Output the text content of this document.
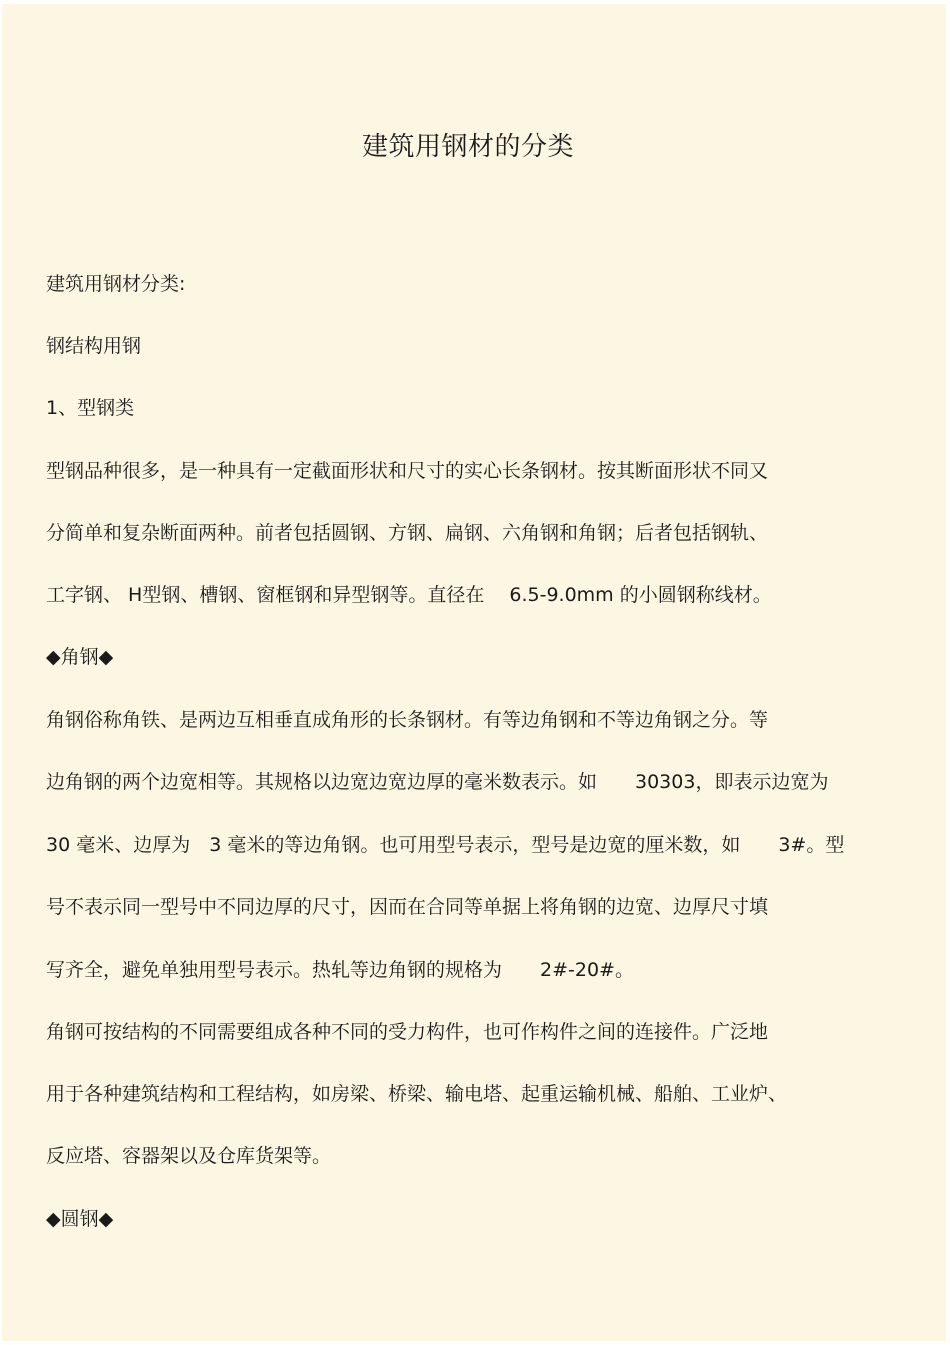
建筑用钢材的分类
建筑用钢材分类:
钢结构用钢
1、型钢类
型钢品种很多，是一种具有一定截面形状和尺寸的实心长条钢材。按其断面形状不同又
分简单和复杂断面两种。前者包括圆钢、方钢、扁钢、六角钢和角钢；后者包括钢轨、
工字钢、 H型钢、槽钢、窗框钢和异型钢等。直径在　 6.5-9.0mm 的小圆钢称线材。
◆角钢◆
角钢俗称角铁、是两边互相垂直成角形的长条钢材。有等边角钢和不等边角钢之分。等
边角钢的两个边宽相等。其规格以边宽边宽边厚的毫米数表示。如　　30303，即表示边宽为
30 毫米、边厚为　3 毫米的等边角钢。也可用型号表示，型号是边宽的厘米数，如　　3#。型
号不表示同一型号中不同边厚的尺寸，因而在合同等单据上将角钢的边宽、边厚尺寸填
写齐全，避免单独用型号表示。热轧等边角钢的规格为　　2#-20#。
角钢可按结构的不同需要组成各种不同的受力构件，也可作构件之间的连接件。广泛地
用于各种建筑结构和工程结构，如房梁、桥梁、输电塔、起重运输机械、船舶、工业炉、
反应塔、容器架以及仓库货架等。
◆圆钢◆
